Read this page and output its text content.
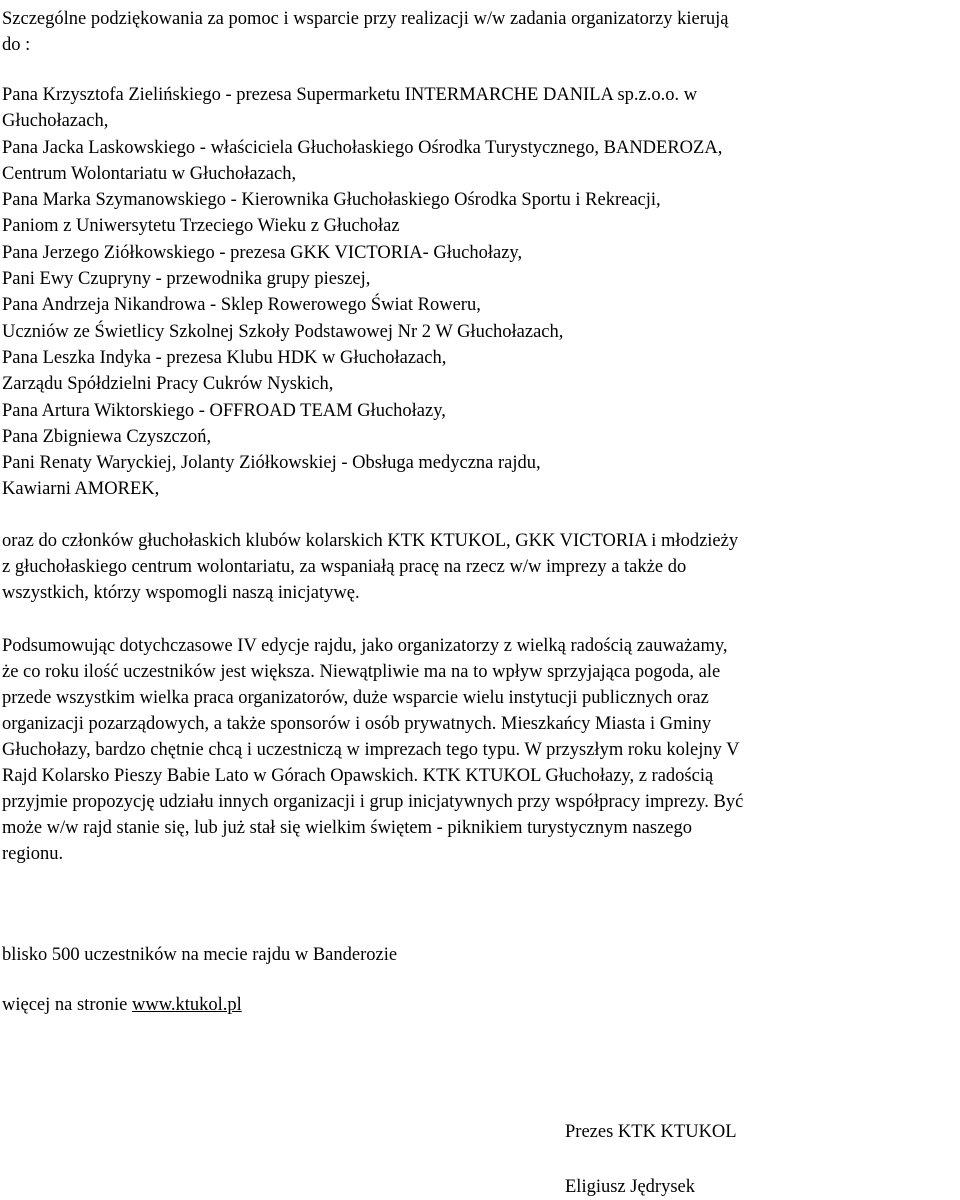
Szczególne podziękowania za pomoc i wsparcie przy realizacji w/w zadania organizatorzy kierują

do :

Pana Krzysztofa Zielińskiego - prezesa Supermarketu INTERMARCHE DANILA sp.z.o.o. w

Głuchołazach,

Pana Jacka Laskowskiego - właściciela Głuchołaskiego Ośrodka Turystycznego, BANDEROZA,

Centrum Wolontariatu w Głuchołazach,

Pana Marka Szymanowskiego - Kierownika Głuchołaskiego Ośrodka Sportu i Rekreacji,

Paniom z Uniwersytetu Trzeciego Wieku z Głuchołaz

Pana Jerzego Ziółkowskiego - prezesa GKK VICTORIA- Głuchołazy,

Pani Ewy Czupryny - przewodnika grupy pieszej,

Pana Andrzeja Nikandrowa - Sklep Rowerowego Świat Roweru,

Uczniów ze Świetlicy Szkolnej Szkoły Podstawowej Nr 2 W Głuchołazach,

Pana Leszka Indyka - prezesa Klubu HDK w Głuchołazach,

Zarządu Spółdzielni Pracy Cukrów Nyskich,

Pana Artura Wiktorskiego - OFFROAD TEAM Głuchołazy,

Pana Zbigniewa Czyszczoń,

Pani Renaty Waryckiej, Jolanty Ziółkowskiej - Obsługa medyczna rajdu,

Kawiarni AMOREK,

oraz do członków głuchołaskich klubów kolarskich KTK KTUKOL, GKK VICTORIA i młodzieży

z głuchołaskiego centrum wolontariatu, za wspaniałą pracę na rzecz w/w imprezy a także do

wszystkich, którzy wspomogli naszą inicjatywę.

Podsumowując dotychczasowe IV edycje rajdu, jako organizatorzy z wielką radością zauważamy,

że co roku ilość uczestników jest większa. Niewątpliwie ma na to wpływ sprzyjająca pogoda, ale

przede wszystkim wielka praca organizatorów, duże wsparcie wielu instytucji publicznych oraz

organizacji pozarządowych, a także sponsorów i osób prywatnych. Mieszkańcy Miasta i Gminy

Głuchołazy, bardzo chętnie chcą i uczestniczą w imprezach tego typu. W przyszłym roku kolejny V

Rajd Kolarsko Pieszy Babie Lato w Górach Opawskich. KTK KTUKOL Głuchołazy, z radością

przyjmie propozycję udziału innych organizacji i grup inicjatywnych przy współpracy imprezy. Być

może w/w rajd stanie się, lub już stał się wielkim świętem - piknikiem turystycznym naszego

regionu.

blisko 500 uczestników na mecie rajdu w Banderozie

więcej na stronie www.ktukol.pl

Prezes KTK KTUKOL
Eligiusz Jędrysek
